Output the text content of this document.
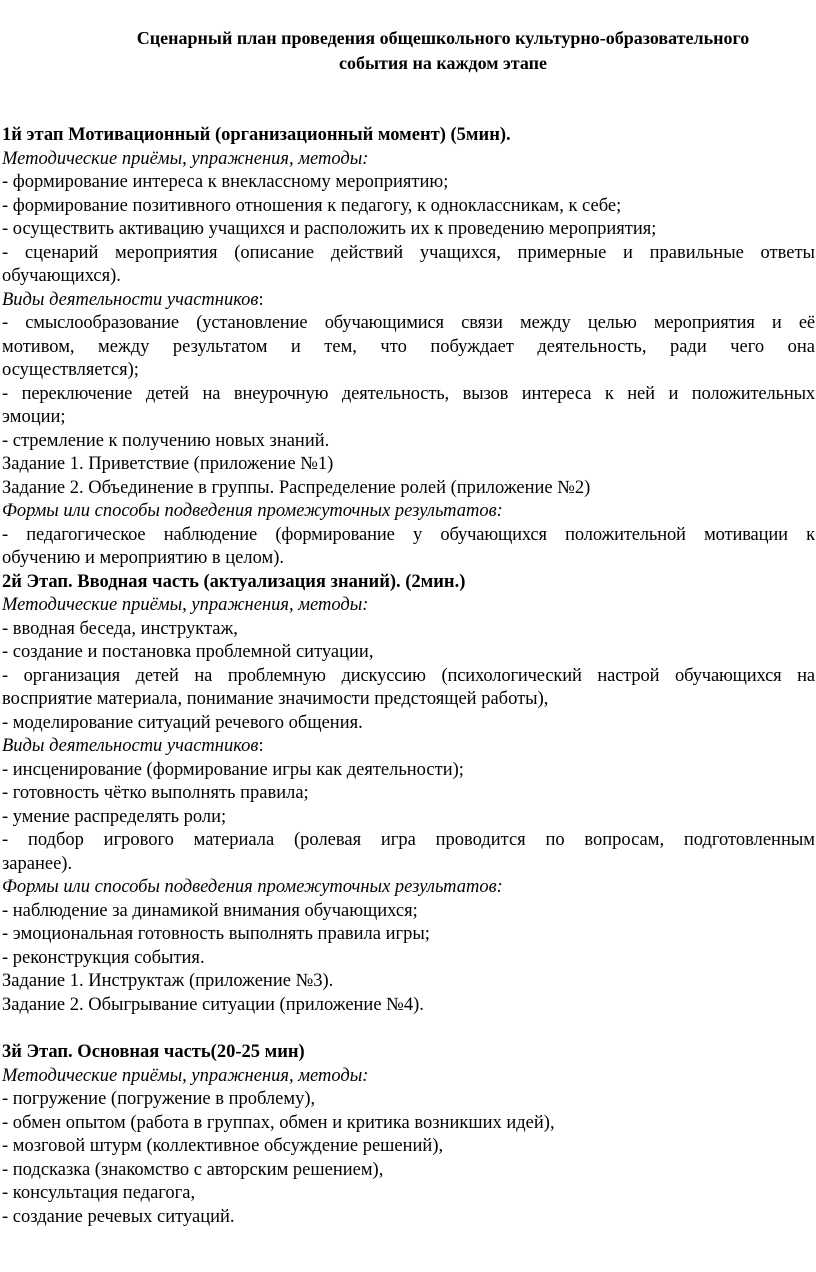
Сценарный план проведения общешкольного культурно-образовательного
события на каждом этапе
1й этап Мотивационный (организационный момент) (5мин).
Методические приёмы, упражнения, методы:
- формирование интереса к внеклассному мероприятию;
- формирование позитивного отношения к педагогу, к одноклассникам, к себе;
- осуществить активацию учащихся и расположить их к проведению мероприятия;
- сценарий мероприятия (описание действий учащихся, примерные и правильные ответы
обучающихся).
Виды деятельности участников:
- смыслообразование (установление обучающимися связи между целью мероприятия и её
мотивом, между результатом и тем, что побуждает деятельность, ради чего она
осуществляется);
- переключение детей на внеурочную деятельность, вызов интереса к ней и положительных
эмоции;
- стремление к получению новых знаний.
Задание 1. Приветствие (приложение №1)
Задание 2. Объединение в группы. Распределение ролей (приложение №2)
Формы или способы подведения промежуточных результатов:
- педагогическое наблюдение (формирование у обучающихся положительной мотивации к
обучению и мероприятию в целом).
2й Этап. Вводная часть (актуализация знаний). (2мин.)
Методические приёмы, упражнения, методы:
- вводная беседа, инструктаж,
- создание и постановка проблемной ситуации,
- организация детей на проблемную дискуссию (психологический настрой обучающихся на
восприятие материала, понимание значимости предстоящей работы),
- моделирование ситуаций речевого общения.
Виды деятельности участников:
- инсценирование (формирование игры как деятельности);
- готовность чётко выполнять правила;
- умение распределять роли;
- подбор игрового материала (ролевая игра проводится по вопросам, подготовленным
заранее).
Формы или способы подведения промежуточных результатов:
- наблюдение за динамикой внимания обучающихся;
- эмоциональная готовность выполнять правила игры;
- реконструкция события.
Задание 1. Инструктаж (приложение №3).
Задание 2. Обыгрывание ситуации (приложение №4).
3й Этап. Основная часть(20-25 мин)
Методические приёмы, упражнения, методы:
- погружение (погружение в проблему),
- обмен опытом (работа в группах, обмен и критика возникших идей),
- мозговой штурм (коллективное обсуждение решений),
- подсказка (знакомство с авторским решением),
- консультация педагога,
- создание речевых ситуаций.
